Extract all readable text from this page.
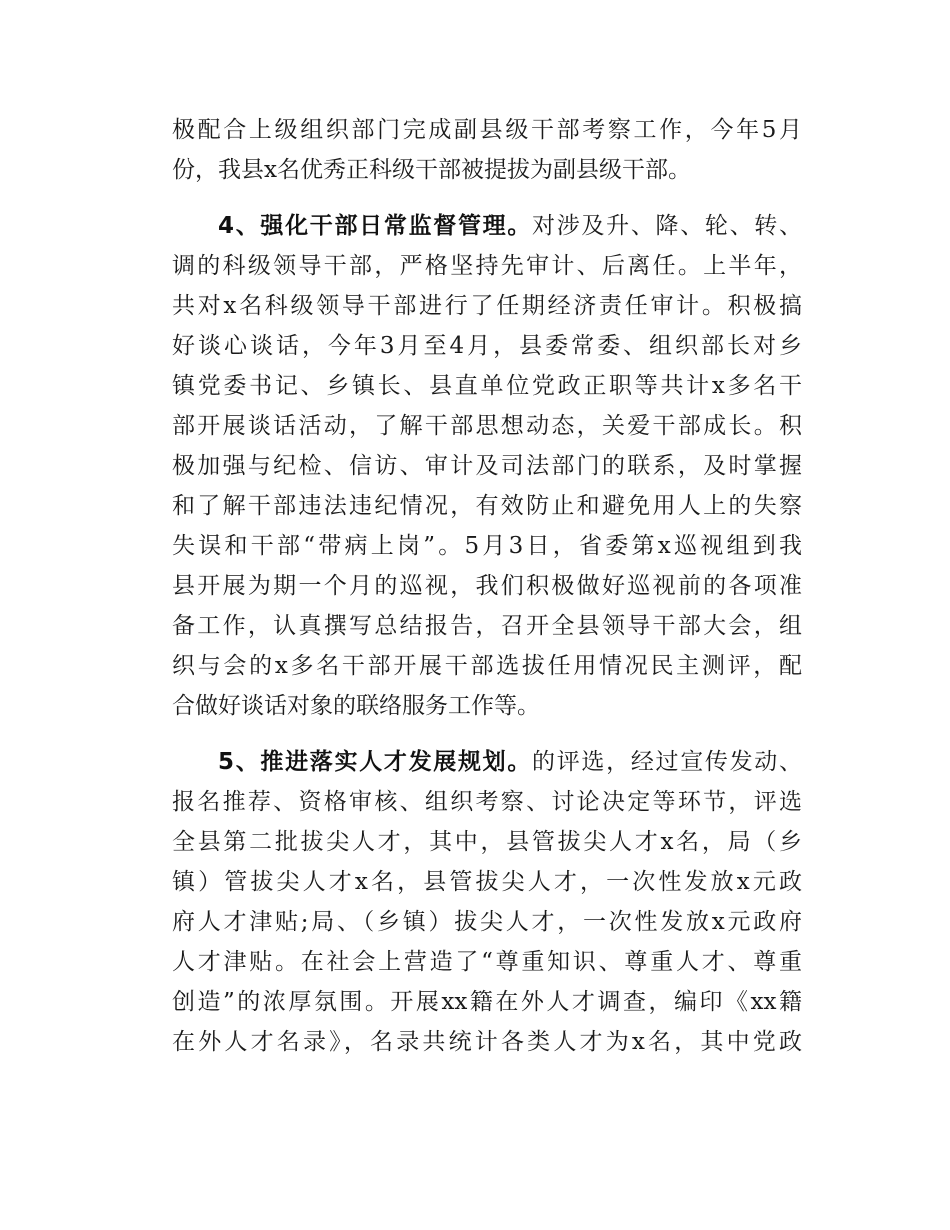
极配合上级组织部门完成副县级干部考察工作，今年5月
份，我县x名优秀正科级干部被提拔为副县级干部。
4、强化干部日常监督管理。对涉及升、降、轮、转、
调的科级领导干部，严格坚持先审计、后离任。上半年，
共对x名科级领导干部进行了任期经济责任审计。积极搞
好谈心谈话，今年3月至4月，县委常委、组织部长对乡
镇党委书记、乡镇长、县直单位党政正职等共计x多名干
部开展谈话活动，了解干部思想动态，关爱干部成长。积
极加强与纪检、信访、审计及司法部门的联系，及时掌握
和了解干部违法违纪情况，有效防止和避免用人上的失察
失误和干部“带病上岗”。5月3日，省委第x巡视组到我
县开展为期一个月的巡视，我们积极做好巡视前的各项准
备工作，认真撰写总结报告，召开全县领导干部大会，组
织与会的x多名干部开展干部选拔任用情况民主测评，配
合做好谈话对象的联络服务工作等。
5、推进落实人才发展规划。的评选，经过宣传发动、
报名推荐、资格审核、组织考察、讨论决定等环节，评选
全县第二批拔尖人才，其中，县管拔尖人才x名，局（乡
镇）管拔尖人才x名，县管拔尖人才，一次性发放x元政
府人才津贴;局、（乡镇）拔尖人才，一次性发放x元政府
人才津贴。在社会上营造了“尊重知识、尊重人才、尊重
创造”的浓厚氛围。开展xx籍在外人才调查，编印《xx籍
在外人才名录》，名录共统计各类人才为x名，其中党政
